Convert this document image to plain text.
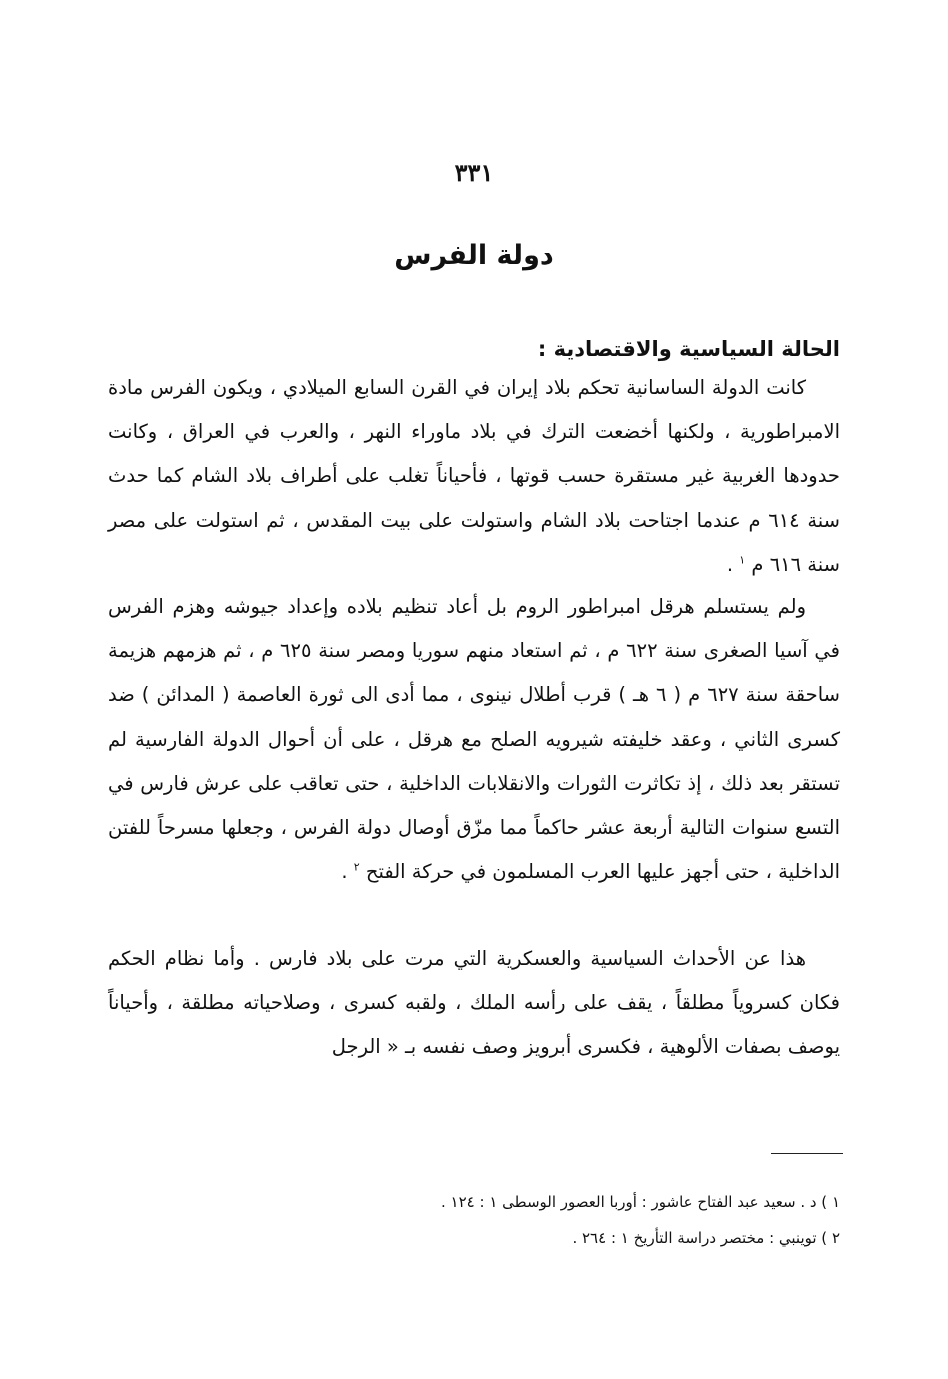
٣٣١
دولة الفرس
الحالة السياسية والاقتصادية :

كانت الدولة الساسانية تحكم بلاد إيران في القرن السابع الميلادي ، ويكون الفرس مادة الامبراطورية ، ولكنها أخضعت الترك في بلاد ماوراء النهر ، والعرب في العراق ، وكانت حدودها الغربية غير مستقرة حسب قوتها ، فأحياناً تغلب على أطراف بلاد الشام كما حدث سنة ٦١٤ م عندما اجتاحت بلاد الشام واستولت على بيت المقدس ، ثم استولت على مصر سنة ٦١٦ م $^١$ .

ولم يستسلم هرقل امبراطور الروم بل أعاد تنظيم بلاده وإعداد جيوشه وهزم الفرس في آسيا الصغرى سنة ٦٢٢ م ، ثم استعاد منهم سوريا ومصر سنة ٦٢٥ م ، ثم هزمهم هزيمة ساحقة سنة ٦٢٧ م ( ٦ هـ ) قرب أطلال نينوى ، مما أدى الى ثورة العاصمة ( المدائن ) ضد كسرى الثاني ، وعقد خليفته شيرويه الصلح مع هرقل ، على أن أحوال الدولة الفارسية لم تستقر بعد ذلك ، إذ تكاثرت الثورات والانقلابات الداخلية ، حتى تعاقب على عرش فارس في التسع سنوات التالية أربعة عشر حاكماً مما مزّق أوصال دولة الفرس ، وجعلها مسرحاً للفتن الداخلية ، حتى أجهز عليها العرب المسلمون في حركة الفتح $^٢$ .

هذا عن الأحداث السياسية والعسكرية التي مرت على بلاد فارس . وأما نظام الحكم فكان كسروياً مطلقاً ، يقف على رأسه الملك ، ولقبه كسرى ، وصلاحياته مطلقة ، وأحياناً يوصف بصفات الألوهية ، فكسرى أبرويز وصف نفسه بـ « الرجل

١ ) د . سعيد عبد الفتاح عاشور : أوربا العصور الوسطى ١ : ١٢٤ .
٢ ) توينبي : مختصر دراسة التأريخ ١ : ٢٦٤ .
